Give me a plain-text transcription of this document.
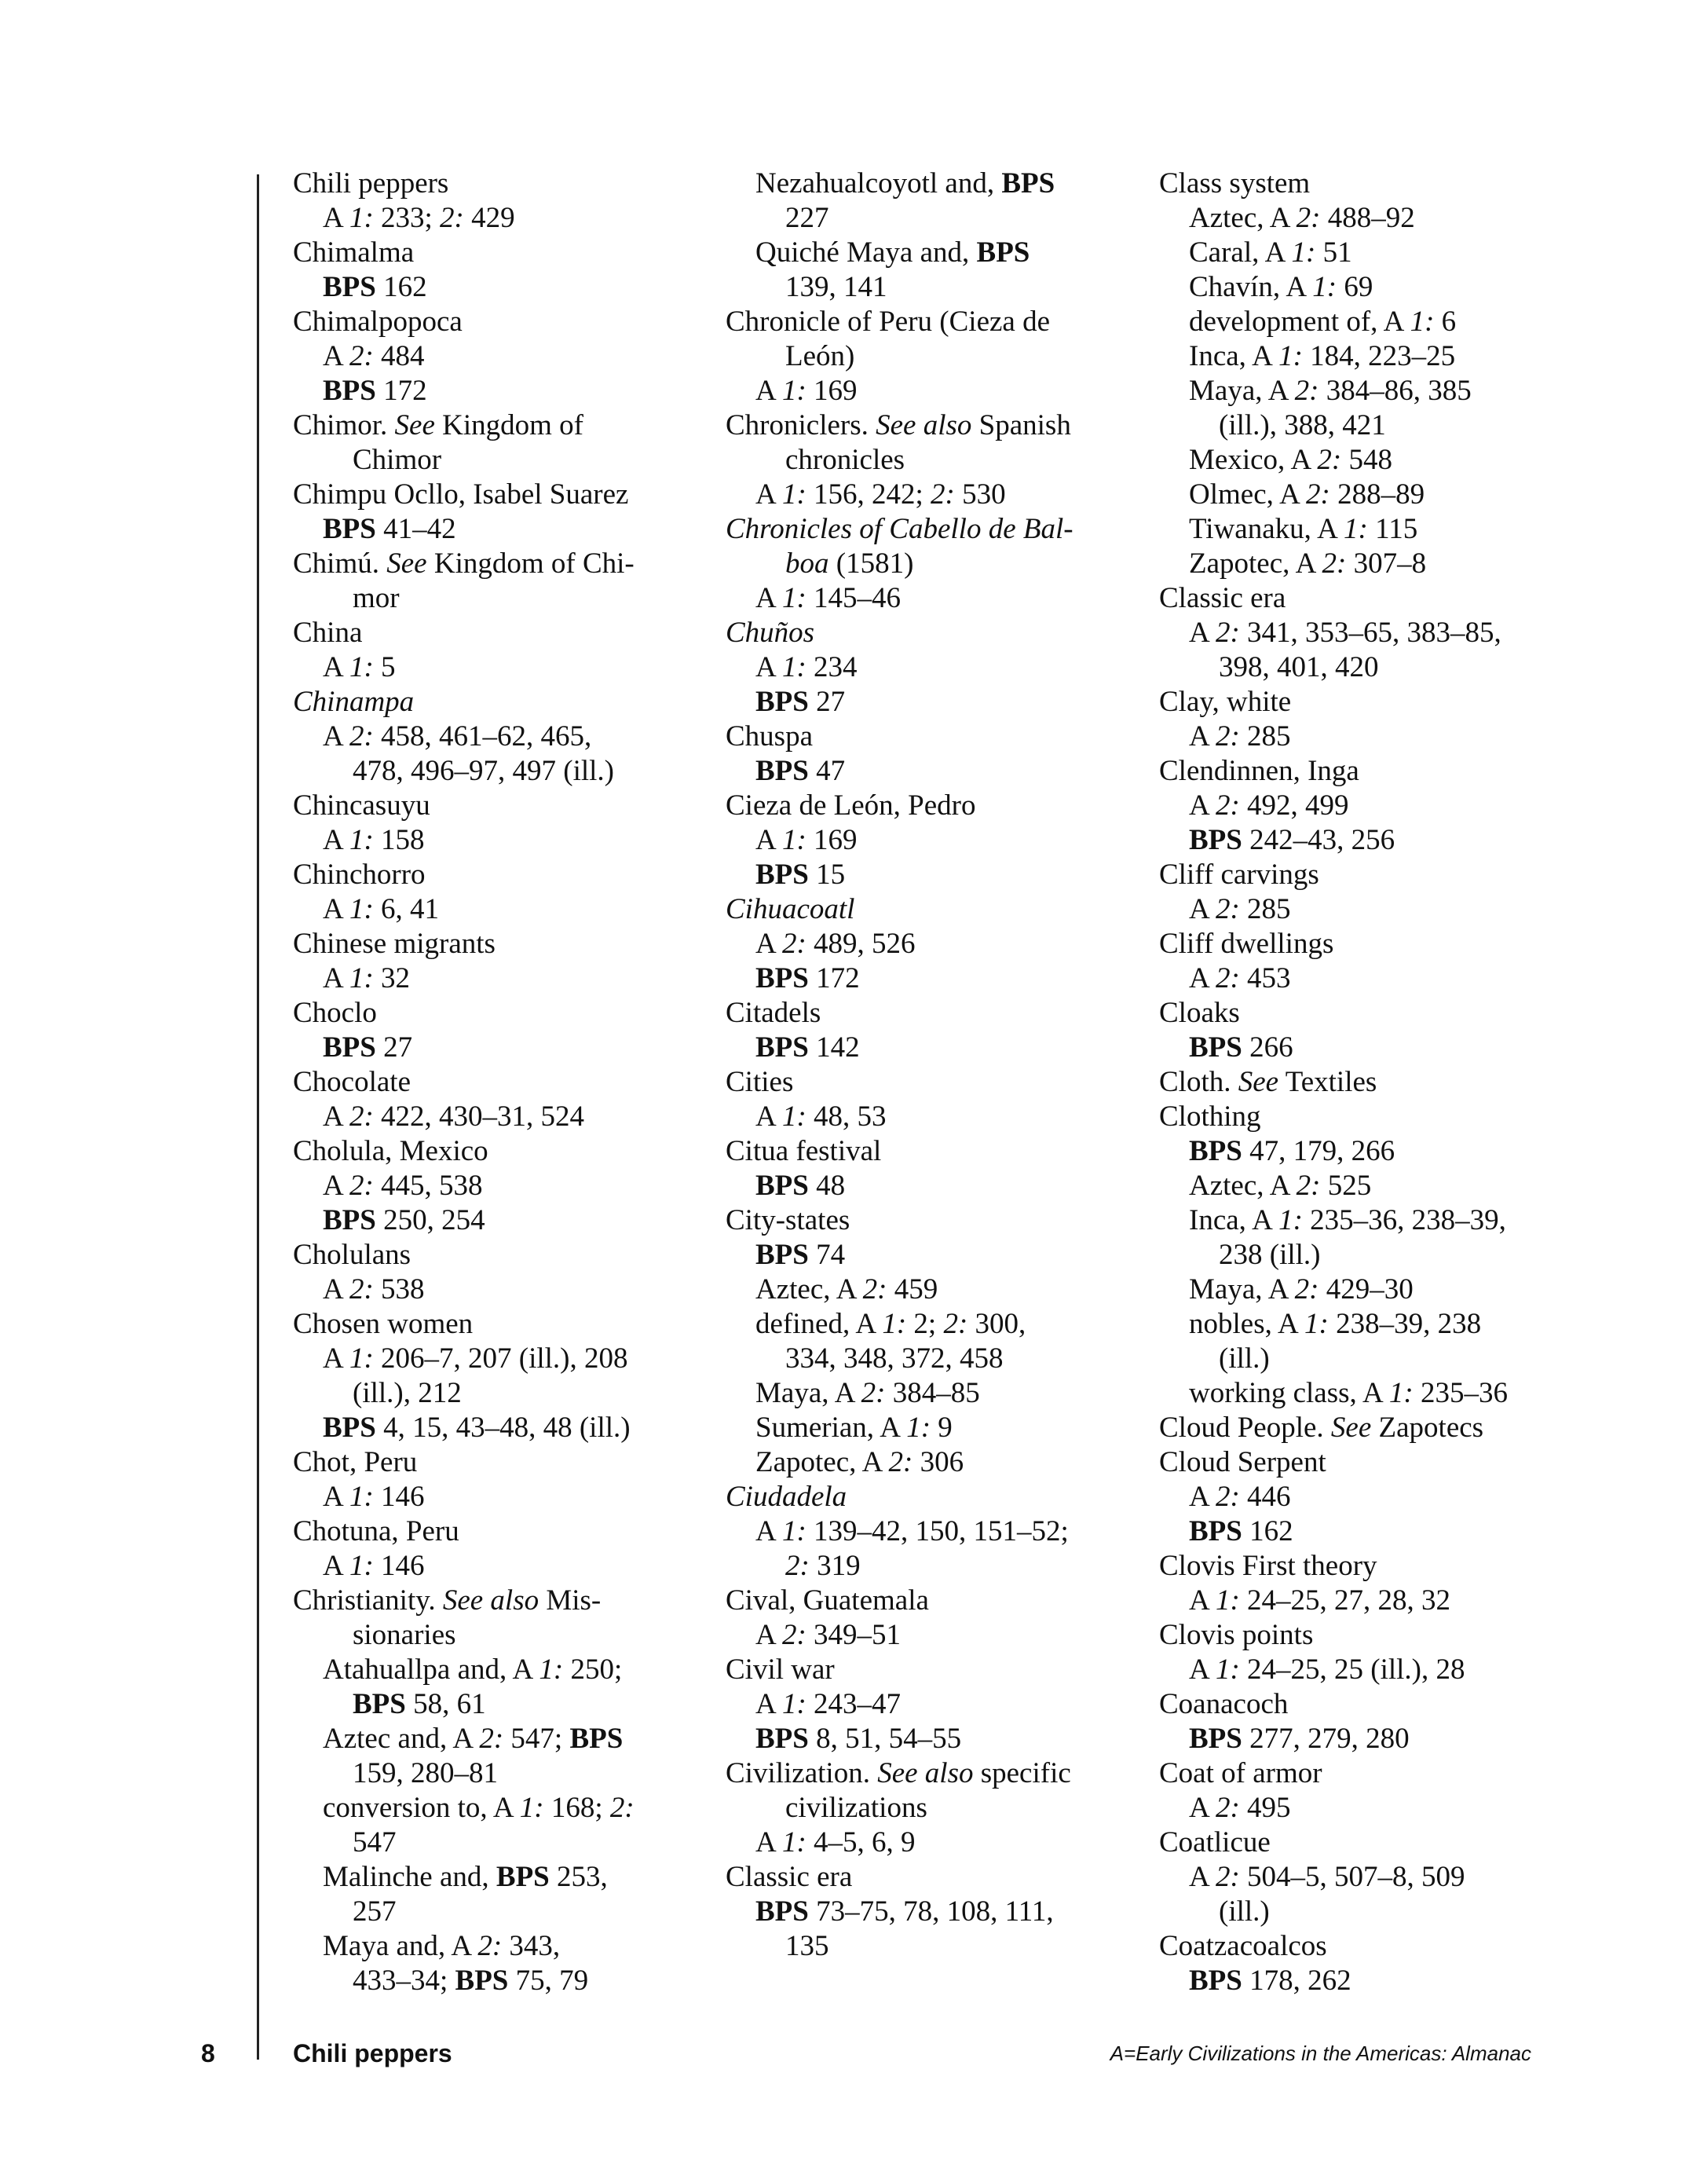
Chili peppers
A 1: 233; 2: 429
Chimalma
BPS 162
Chimalpopoca
A 2: 484
BPS 172
Chimor. See Kingdom of
Chimor
Chimpu Ocllo, Isabel Suarez
BPS 41–42
Chimú. See Kingdom of Chi-
mor
China
A 1: 5
Chinampa
A 2: 458, 461–62, 465,
478, 496–97, 497 (ill.)
Chincasuyu
A 1: 158
Chinchorro
A 1: 6, 41
Chinese migrants
A 1: 32
Choclo
BPS 27
Chocolate
A 2: 422, 430–31, 524
Cholula, Mexico
A 2: 445, 538
BPS 250, 254
Cholulans
A 2: 538
Chosen women
A 1: 206–7, 207 (ill.), 208
(ill.), 212
BPS 4, 15, 43–48, 48 (ill.)
Chot, Peru
A 1: 146
Chotuna, Peru
A 1: 146
Christianity. See also Mis-
sionaries
Atahuallpa and, A 1: 250;
BPS 58, 61
Aztec and, A 2: 547; BPS
159, 280–81
conversion to, A 1: 168; 2:
547
Malinche and, BPS 253,
257
Maya and, A 2: 343,
433–34; BPS 75, 79
Nezahualcoyotl and, BPS
227
Quiché Maya and, BPS
139, 141
Chronicle of Peru (Cieza de
León)
A 1: 169
Chroniclers. See also Spanish
chronicles
A 1: 156, 242; 2: 530
Chronicles of Cabello de Bal-
boa (1581)
A 1: 145–46
Chuños
A 1: 234
BPS 27
Chuspa
BPS 47
Cieza de León, Pedro
A 1: 169
BPS 15
Cihuacoatl
A 2: 489, 526
BPS 172
Citadels
BPS 142
Cities
A 1: 48, 53
Citua festival
BPS 48
City-states
BPS 74
Aztec, A 2: 459
defined, A 1: 2; 2: 300,
334, 348, 372, 458
Maya, A 2: 384–85
Sumerian, A 1: 9
Zapotec, A 2: 306
Ciudadela
A 1: 139–42, 150, 151–52;
2: 319
Cival, Guatemala
A 2: 349–51
Civil war
A 1: 243–47
BPS 8, 51, 54–55
Civilization. See also specific
civilizations
A 1: 4–5, 6, 9
Classic era
BPS 73–75, 78, 108, 111,
135
Class system
Aztec, A 2: 488–92
Caral, A 1: 51
Chavín, A 1: 69
development of, A 1: 6
Inca, A 1: 184, 223–25
Maya, A 2: 384–86, 385
(ill.), 388, 421
Mexico, A 2: 548
Olmec, A 2: 288–89
Tiwanaku, A 1: 115
Zapotec, A 2: 307–8
Classic era
A 2: 341, 353–65, 383–85,
398, 401, 420
Clay, white
A 2: 285
Clendinnen, Inga
A 2: 492, 499
BPS 242–43, 256
Cliff carvings
A 2: 285
Cliff dwellings
A 2: 453
Cloaks
BPS 266
Cloth. See Textiles
Clothing
BPS 47, 179, 266
Aztec, A 2: 525
Inca, A 1: 235–36, 238–39,
238 (ill.)
Maya, A 2: 429–30
nobles, A 1: 238–39, 238
(ill.)
working class, A 1: 235–36
Cloud People. See Zapotecs
Cloud Serpent
A 2: 446
BPS 162
Clovis First theory
A 1: 24–25, 27, 28, 32
Clovis points
A 1: 24–25, 25 (ill.), 28
Coanacoch
BPS 277, 279, 280
Coat of armor
A 2: 495
Coatlicue
A 2: 504–5, 507–8, 509
(ill.)
Coatzacoalcos
BPS 178, 262
8	Chili peppers	A=Early Civilizations in the Americas: Almanac
